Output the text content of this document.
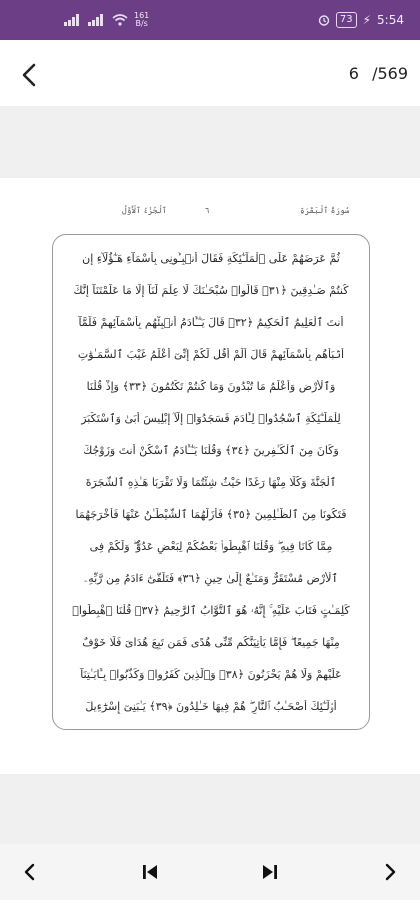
161
B/s	73 ⚡ 5:54
6 /569
ٱلْجُزْءُ ٱلْأَوَّلُ	٦	سُورَةُ ٱلْبَقَرَةِ
ثُمَّ عَرَضَهُمْ عَلَى ٱلْمَلَـٰٓئِكَةِ فَقَالَ أَنۢبِـُٔونِى بِأَسْمَآءِ هَـٰٓؤُلَآءِ إِن
كُنتُمْ صَـٰدِقِينَ ﴿٣١﴾ قَالُوا۟ سُبْحَـٰنَكَ لَا عِلْمَ لَنَآ إِلَّا مَا عَلَّمْتَنَآ إِنَّكَ
أَنتَ ٱلْعَلِيمُ ٱلْحَكِيمُ ﴿٣٢﴾ قَالَ يَـٰٓـَٔادَمُ أَنۢبِئْهُم بِأَسْمَآئِهِمْ فَلَمَّآ
أَنۢبَأَهُم بِأَسْمَآئِهِمْ قَالَ أَلَمْ أَقُل لَّكُمْ إِنِّىٓ أَعْلَمُ غَيْبَ ٱلسَّمَـٰوَٰتِ
وَٱلْأَرْضِ وَأَعْلَمُ مَا تُبْدُونَ وَمَا كُنتُمْ تَكْتُمُونَ ﴿٣٣﴾ وَإِذْ قُلْنَا
لِلْمَلَـٰٓئِكَةِ ٱسْجُدُوا۟ لِـَٔادَمَ فَسَجَدُوٓا۟ إِلَّآ إِبْلِيسَ أَبَىٰ وَٱسْتَكْبَرَ
وَكَانَ مِنَ ٱلْكَـٰفِرِينَ ﴿٣٤﴾ وَقُلْنَا يَـٰٓـَٔادَمُ ٱسْكُنْ أَنتَ وَزَوْجُكَ
ٱلْجَنَّةَ وَكُلَا مِنْهَا رَغَدًا حَيْثُ شِئْتُمَا وَلَا تَقْرَبَا هَـٰذِهِ ٱلشَّجَرَةَ
فَتَكُونَا مِنَ ٱلظَّـٰلِمِينَ ﴿٣٥﴾ فَأَزَلَّهُمَا ٱلشَّيْطَـٰنُ عَنْهَا فَأَخْرَجَهُمَا
مِمَّا كَانَا فِيهِ ۖ وَقُلْنَا ٱهْبِطُوا۟ بَعْضُكُمْ لِبَعْضٍ عَدُوٌّ ۖ وَلَكُمْ فِى
ٱلْأَرْضِ مُسْتَقَرٌّ وَمَتَـٰعٌ إِلَىٰ حِينٍ ﴿٣٦﴾ فَتَلَقَّىٰٓ ءَادَمُ مِن رَّبِّهِۦ
كَلِمَـٰتٍ فَتَابَ عَلَيْهِ ۚ إِنَّهُۥ هُوَ ٱلتَّوَّابُ ٱلرَّحِيمُ ﴿٣٧﴾ قُلْنَا ٱهْبِطُوا۟
مِنْهَا جَمِيعًا ۖ فَإِمَّا يَأْتِيَنَّكُم مِّنِّى هُدًى فَمَن تَبِعَ هُدَاىَ فَلَا خَوْفٌ
عَلَيْهِمْ وَلَا هُمْ يَحْزَنُونَ ﴿٣٨﴾ وَٱلَّذِينَ كَفَرُوا۟ وَكَذَّبُوا۟ بِـَٔايَـٰتِنَآ
أُو۟لَـٰٓئِكَ أَصْحَـٰبُ ٱلنَّارِ ۖ هُمْ فِيهَا خَـٰلِدُونَ ﴿٣٩﴾ يَـٰبَنِىٓ إِسْرَٰٓءِيلَ
